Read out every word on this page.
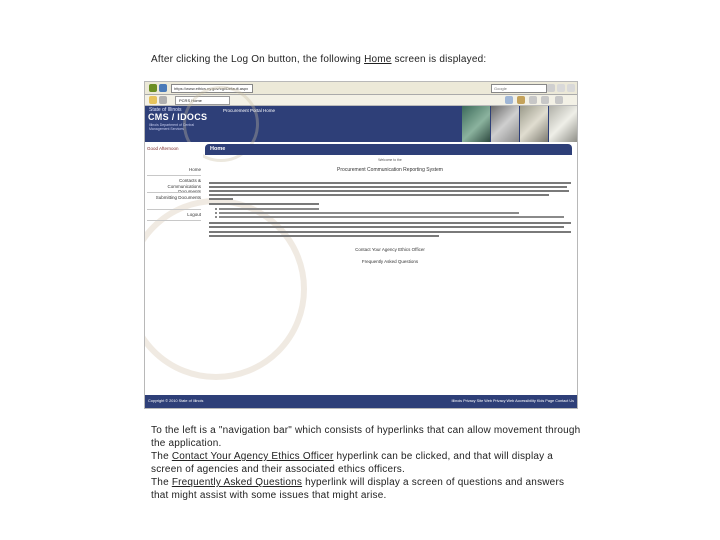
After clicking the Log On button, the following Home screen is displayed:
https://www.ethics.ny.gov/cgi/Default.aspx	Google
PCRS Home
State of Illinois
CMS / IDOCS
Illinois Department of Central Management Services
Procurement Portal Home
Good Afternoon
Home
Contacts & Communications
Submitting Documents
Logout
Home
Welcome to the
Procurement Communication Reporting System
Contact Your Agency Ethics Officer
Frequently Asked Questions
Copyright © 2010 State of Illinois	Illinois Privacy Site Web Privacy Web Accessibility Kids Page Contact Us
To the left is a "navigation bar" which consists of hyperlinks that can allow movement through the application.
The Contact Your Agency Ethics Officer hyperlink can be clicked, and that will display a screen of agencies and their associated ethics officers.
The Frequently Asked Questions hyperlink will display a screen of questions and answers that might assist with some issues that might arise.
